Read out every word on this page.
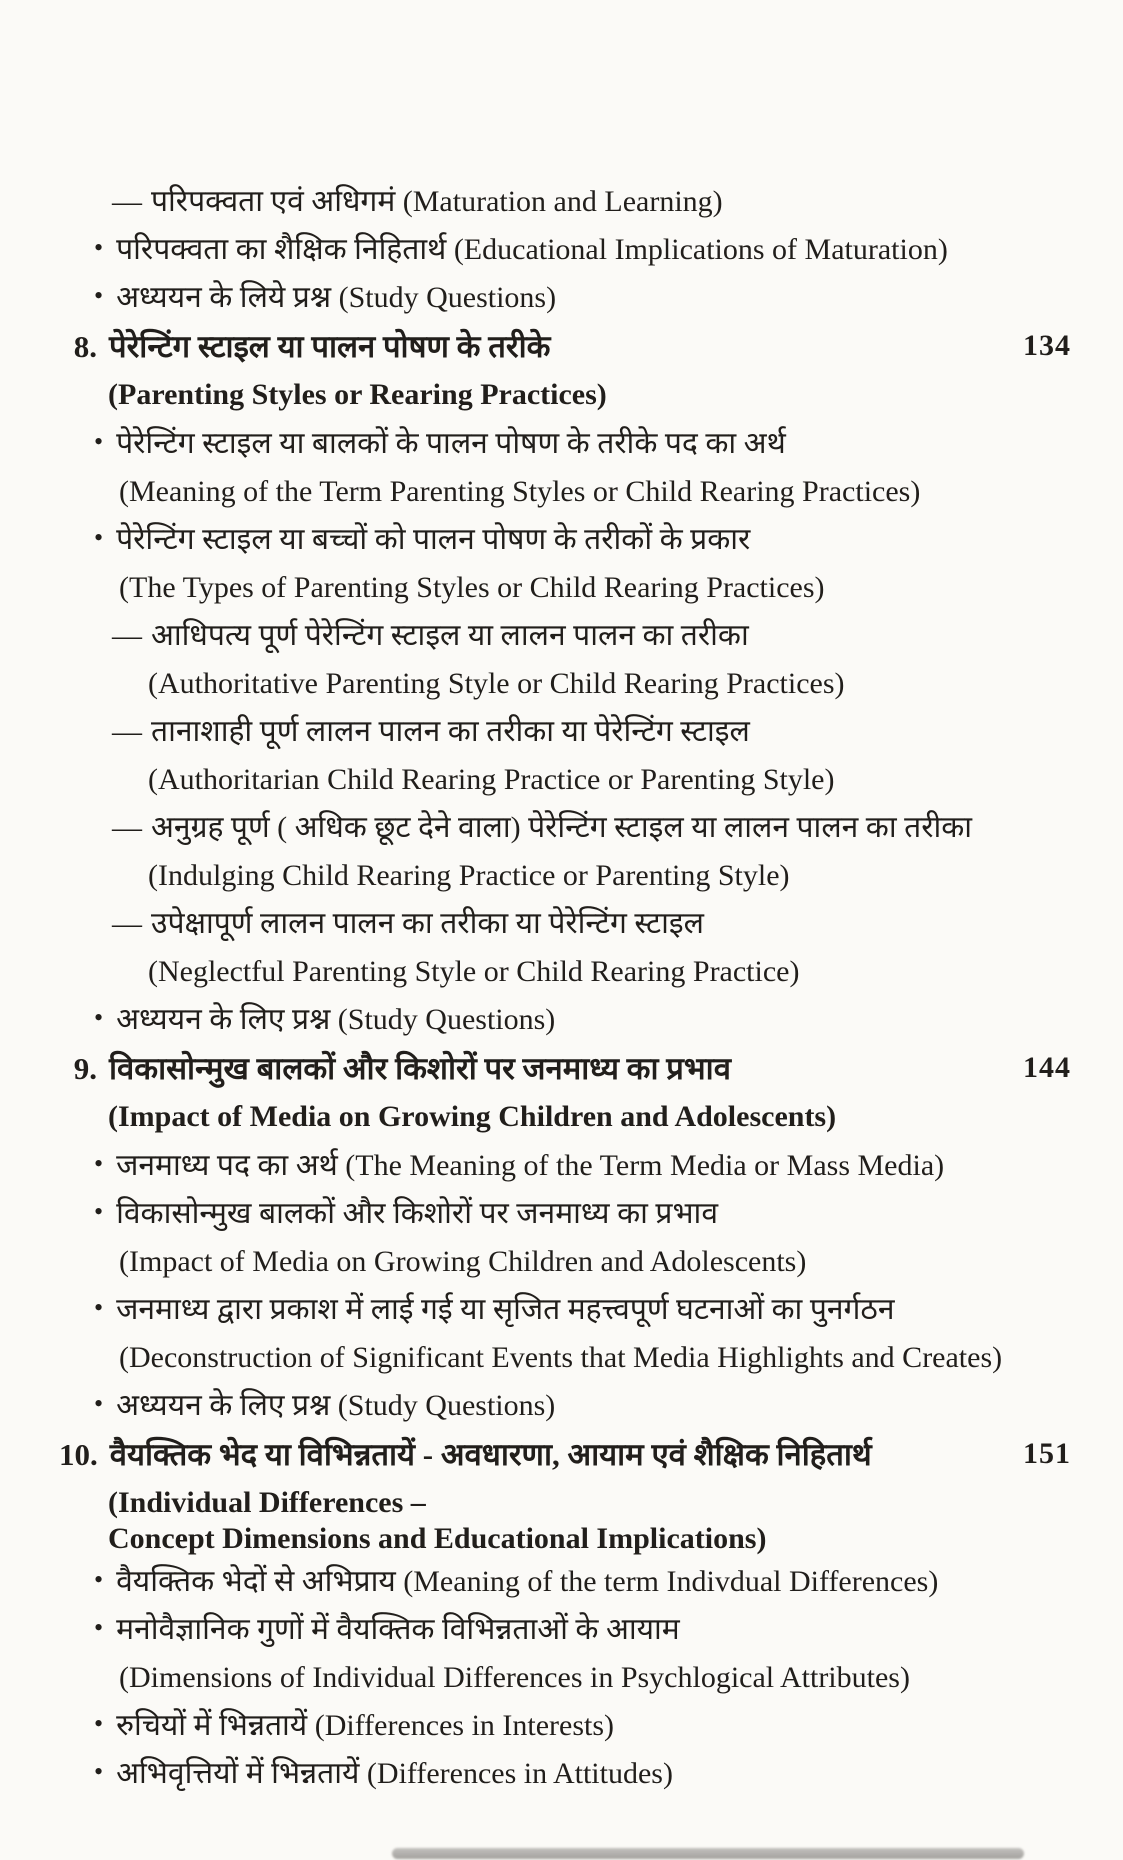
— परिपक्वता एवं अधिगमं (Maturation and Learning)
• परिपक्वता का शैक्षिक निहितार्थ (Educational Implications of Maturation)
• अध्ययन के लिये प्रश्न (Study Questions)
8. पेरेन्टिंग स्टाइल या पालन पोषण के तरीके	134
(Parenting Styles or Rearing Practices)
• पेरेन्टिंग स्टाइल या बालकों के पालन पोषण के तरीके पद का अर्थ
(Meaning of the Term Parenting Styles or Child Rearing Practices)
• पेरेन्टिंग स्टाइल या बच्चों को पालन पोषण के तरीकों के प्रकार
(The Types of Parenting Styles or Child Rearing Practices)
— आधिपत्य पूर्ण पेरेन्टिंग स्टाइल या लालन पालन का तरीका
(Authoritative Parenting Style or Child Rearing Practices)
— तानाशाही पूर्ण लालन पालन का तरीका या पेरेन्टिंग स्टाइल
(Authoritarian Child Rearing Practice or Parenting Style)
— अनुग्रह पूर्ण ( अधिक छूट देने वाला) पेरेन्टिंग स्टाइल या लालन पालन का तरीका
(Indulging Child Rearing Practice or Parenting Style)
— उपेक्षापूर्ण लालन पालन का तरीका या पेरेन्टिंग स्टाइल
(Neglectful Parenting Style or Child Rearing Practice)
• अध्ययन के लिए प्रश्न (Study Questions)
9. विकासोन्मुख बालकों और किशोरों पर जनमाध्य का प्रभाव	144
(Impact of Media on Growing Children and Adolescents)
• जनमाध्य पद का अर्थ (The Meaning of the Term Media or Mass Media)
• विकासोन्मुख बालकों और किशोरों पर जनमाध्य का प्रभाव
(Impact of Media on Growing Children and Adolescents)
• जनमाध्य द्वारा प्रकाश में लाई गई या सृजित महत्त्वपूर्ण घटनाओं का पुनर्गठन
(Deconstruction of Significant Events that Media Highlights and Creates)
• अध्ययन के लिए प्रश्न (Study Questions)
10. वैयक्तिक भेद या विभिन्नतायें - अवधारणा, आयाम एवं शैक्षिक निहितार्थ	151
(Individual Differences –
Concept Dimensions and Educational Implications)
• वैयक्तिक भेदों से अभिप्राय (Meaning of the term Indivdual Differences)
• मनोवैज्ञानिक गुणों में वैयक्तिक विभिन्नताओं के आयाम
(Dimensions of Individual Differences in Psychlogical Attributes)
• रुचियों में भिन्नतायें (Differences in Interests)
• अभिवृत्तियों में भिन्नतायें (Differences in Attitudes)
